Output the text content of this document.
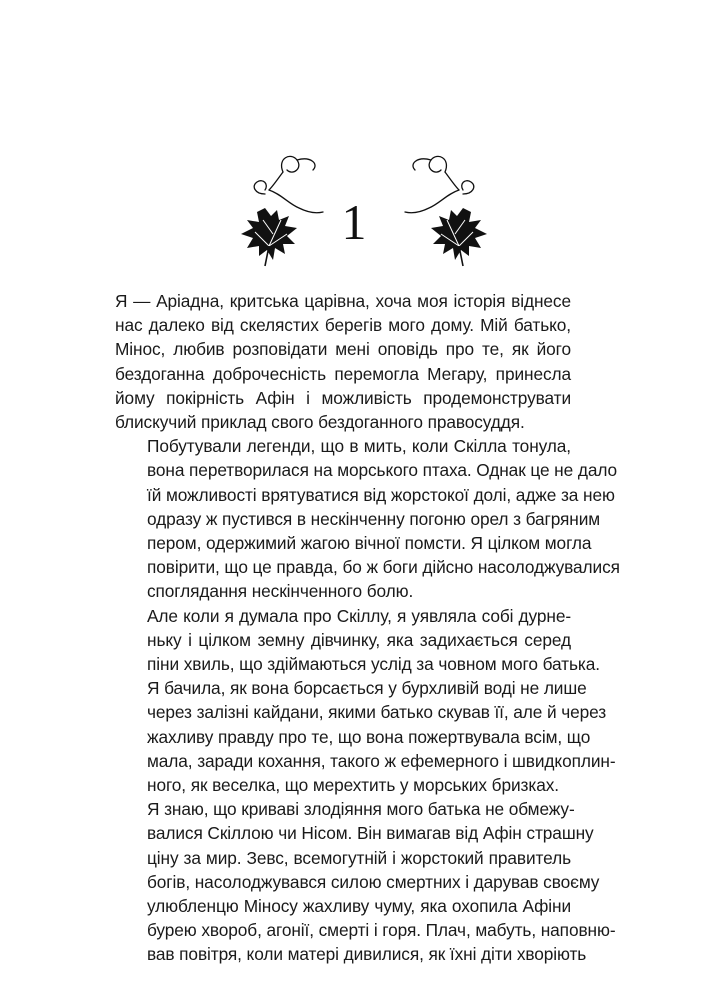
1

Я — Аріадна, критська царівна, хоча моя історія віднесе
нас далеко від скелястих берегів мого дому. Мій батько,
Мінос, любив розповідати мені оповідь про те, як його
бездоганна доброчесність перемогла Мегару, принесла
йому покірність Афін і можливість продемонструвати
блискучий приклад свого бездоганного правосуддя.

Побутували легенди, що в мить, коли Скілла тонула,
вона перетворилася на морського птаха. Однак це не дало
їй можливості врятуватися від жорстокої долі, адже за нею
одразу ж пустився в нескінченну погоню орел з багряним
пером, одержимий жагою вічної помсти. Я цілком могла
повірити, що це правда, бо ж боги дійсно насолоджувалися
споглядання нескінченного болю.

Але коли я думала про Скіллу, я уявляла собі дурне-
ньку і цілком земну дівчинку, яка задихається серед
піни хвиль, що здіймаються услід за човном мого батька.
Я бачила, як вона борсається у бурхливій воді не лише
через залізні кайдани, якими батько скував її, але й через
жахливу правду про те, що вона пожертвувала всім, що
мала, заради кохання, такого ж ефемерного і швидкоплин-
ного, як веселка, що мерехтить у морських бризках.

Я знаю, що криваві злодіяння мого батька не обмежу-
валися Скіллою чи Нісом. Він вимагав від Афін страшну
ціну за мир. Зевс, всемогутній і жорстокий правитель
богів, насолоджувався силою смертних і дарував своєму
улюбленцю Міносу жахливу чуму, яка охопила Афіни
бурею хвороб, агонії, смерті і горя. Плач, мабуть, наповню-
вав повітря, коли матері дивилися, як їхні діти хворіють
